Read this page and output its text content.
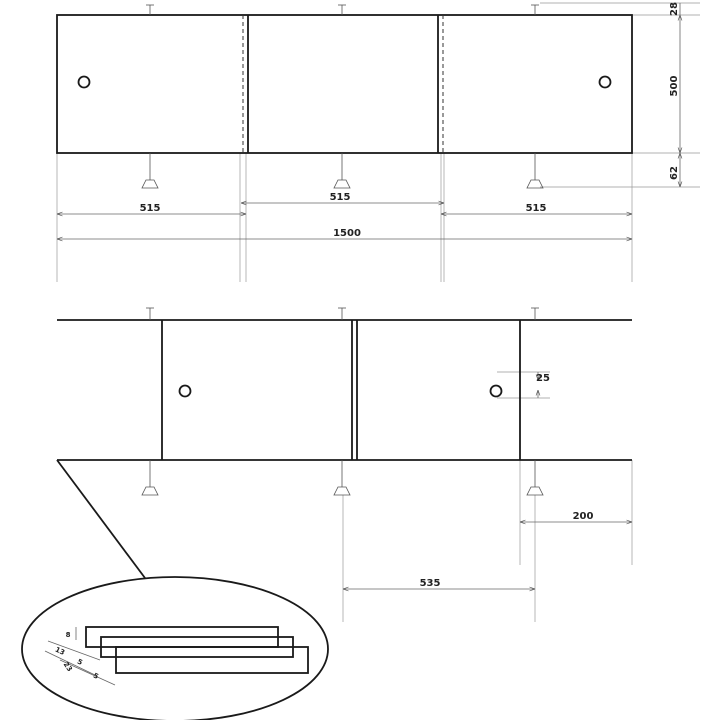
515
515
515
1500
28
500
62
25
200
535
8
13
23 5
5
